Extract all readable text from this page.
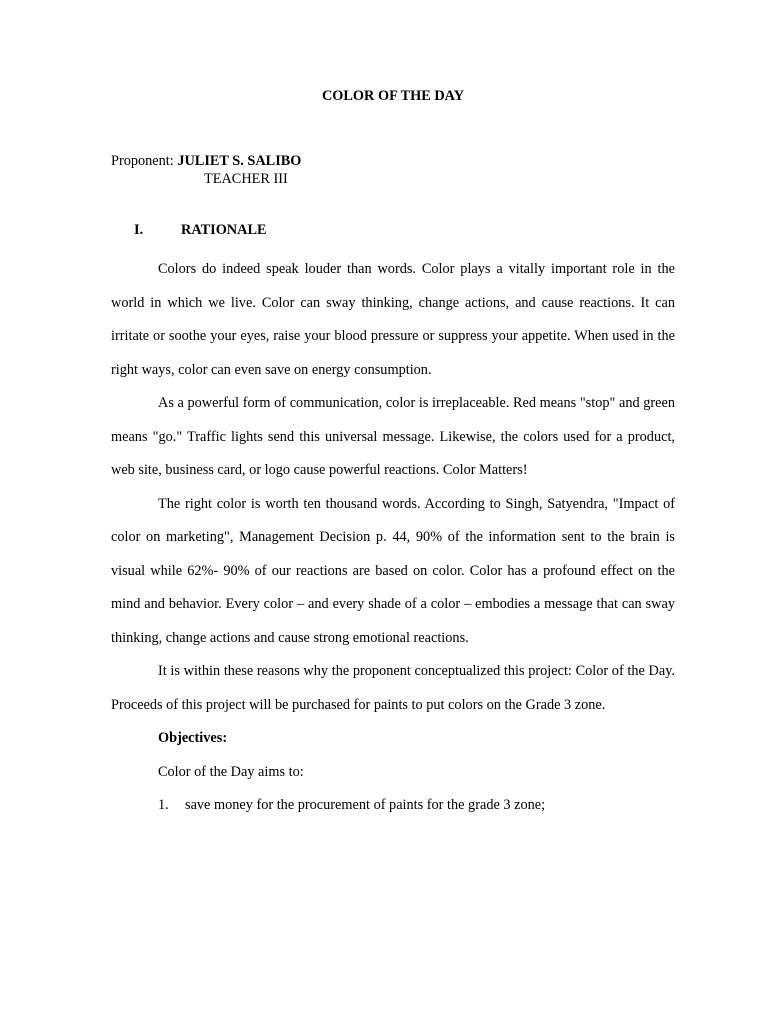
COLOR OF THE DAY
Proponent: JULIET S. SALIBO
TEACHER III
I.	RATIONALE

Colors do indeed speak louder than words. Color plays a vitally important role in the world in which we live. Color can sway thinking, change actions, and cause reactions. It can irritate or soothe your eyes, raise your blood pressure or suppress your appetite. When used in the right ways, color can even save on energy consumption.

As a powerful form of communication, color is irreplaceable. Red means "stop" and green means "go." Traffic lights send this universal message. Likewise, the colors used for a product, web site, business card, or logo cause powerful reactions. Color Matters!

The right color is worth ten thousand words. According to Singh, Satyendra, "Impact of color on marketing", Management Decision p. 44, 90% of the information sent to the brain is visual while 62%- 90% of our reactions are based on color. Color has a profound effect on the mind and behavior. Every color – and every shade of a color – embodies a message that can sway thinking, change actions and cause strong emotional reactions.

It is within these reasons why the proponent conceptualized this project: Color of the Day. Proceeds of this project will be purchased for paints to put colors on the Grade 3 zone.

Objectives:
Color of the Day aims to:
1. save money for the procurement of paints for the grade 3 zone;
